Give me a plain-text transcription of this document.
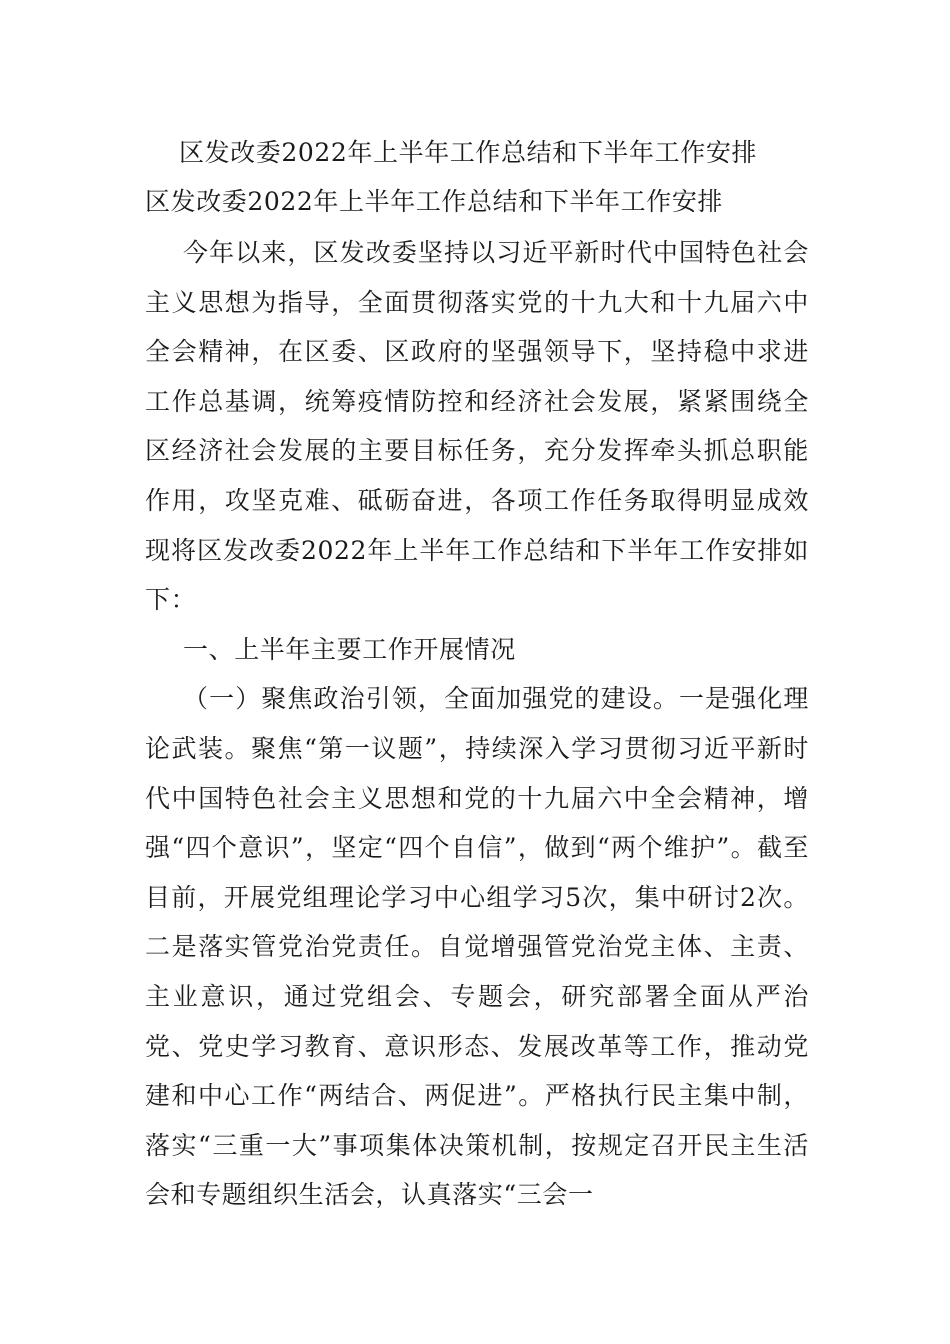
区发改委2022年上半年工作总结和下半年工作安排
区发改委2022年上半年工作总结和下半年工作安排

今年以来，区发改委坚持以习近平新时代中国特色社会主义思想为指导，全面贯彻落实党的十九大和十九届六中全会精神，在区委、区政府的坚强领导下，坚持稳中求进工作总基调，统筹疫情防控和经济社会发展，紧紧围绕全区经济社会发展的主要目标任务，充分发挥牵头抓总职能作用，攻坚克难、砥砺奋进，各项工作任务取得明显成效现将区发改委2022年上半年工作总结和下半年工作安排如下：

一、上半年主要工作开展情况

（一）聚焦政治引领，全面加强党的建设。一是强化理论武装。聚焦“第一议题”，持续深入学习贯彻习近平新时代中国特色社会主义思想和党的十九届六中全会精神，增强“四个意识”，坚定“四个自信”，做到“两个维护”。截至目前，开展党组理论学习中心组学习5次，集中研讨2次。二是落实管党治党责任。自觉增强管党治党主体、主责、主业意识，通过党组会、专题会，研究部署全面从严治党、党史学习教育、意识形态、发展改革等工作，推动党建和中心工作“两结合、两促进”。严格执行民主集中制，落实“三重一大”事项集体决策机制，按规定召开民主生活会和专题组织生活会，认真落实“三会一
